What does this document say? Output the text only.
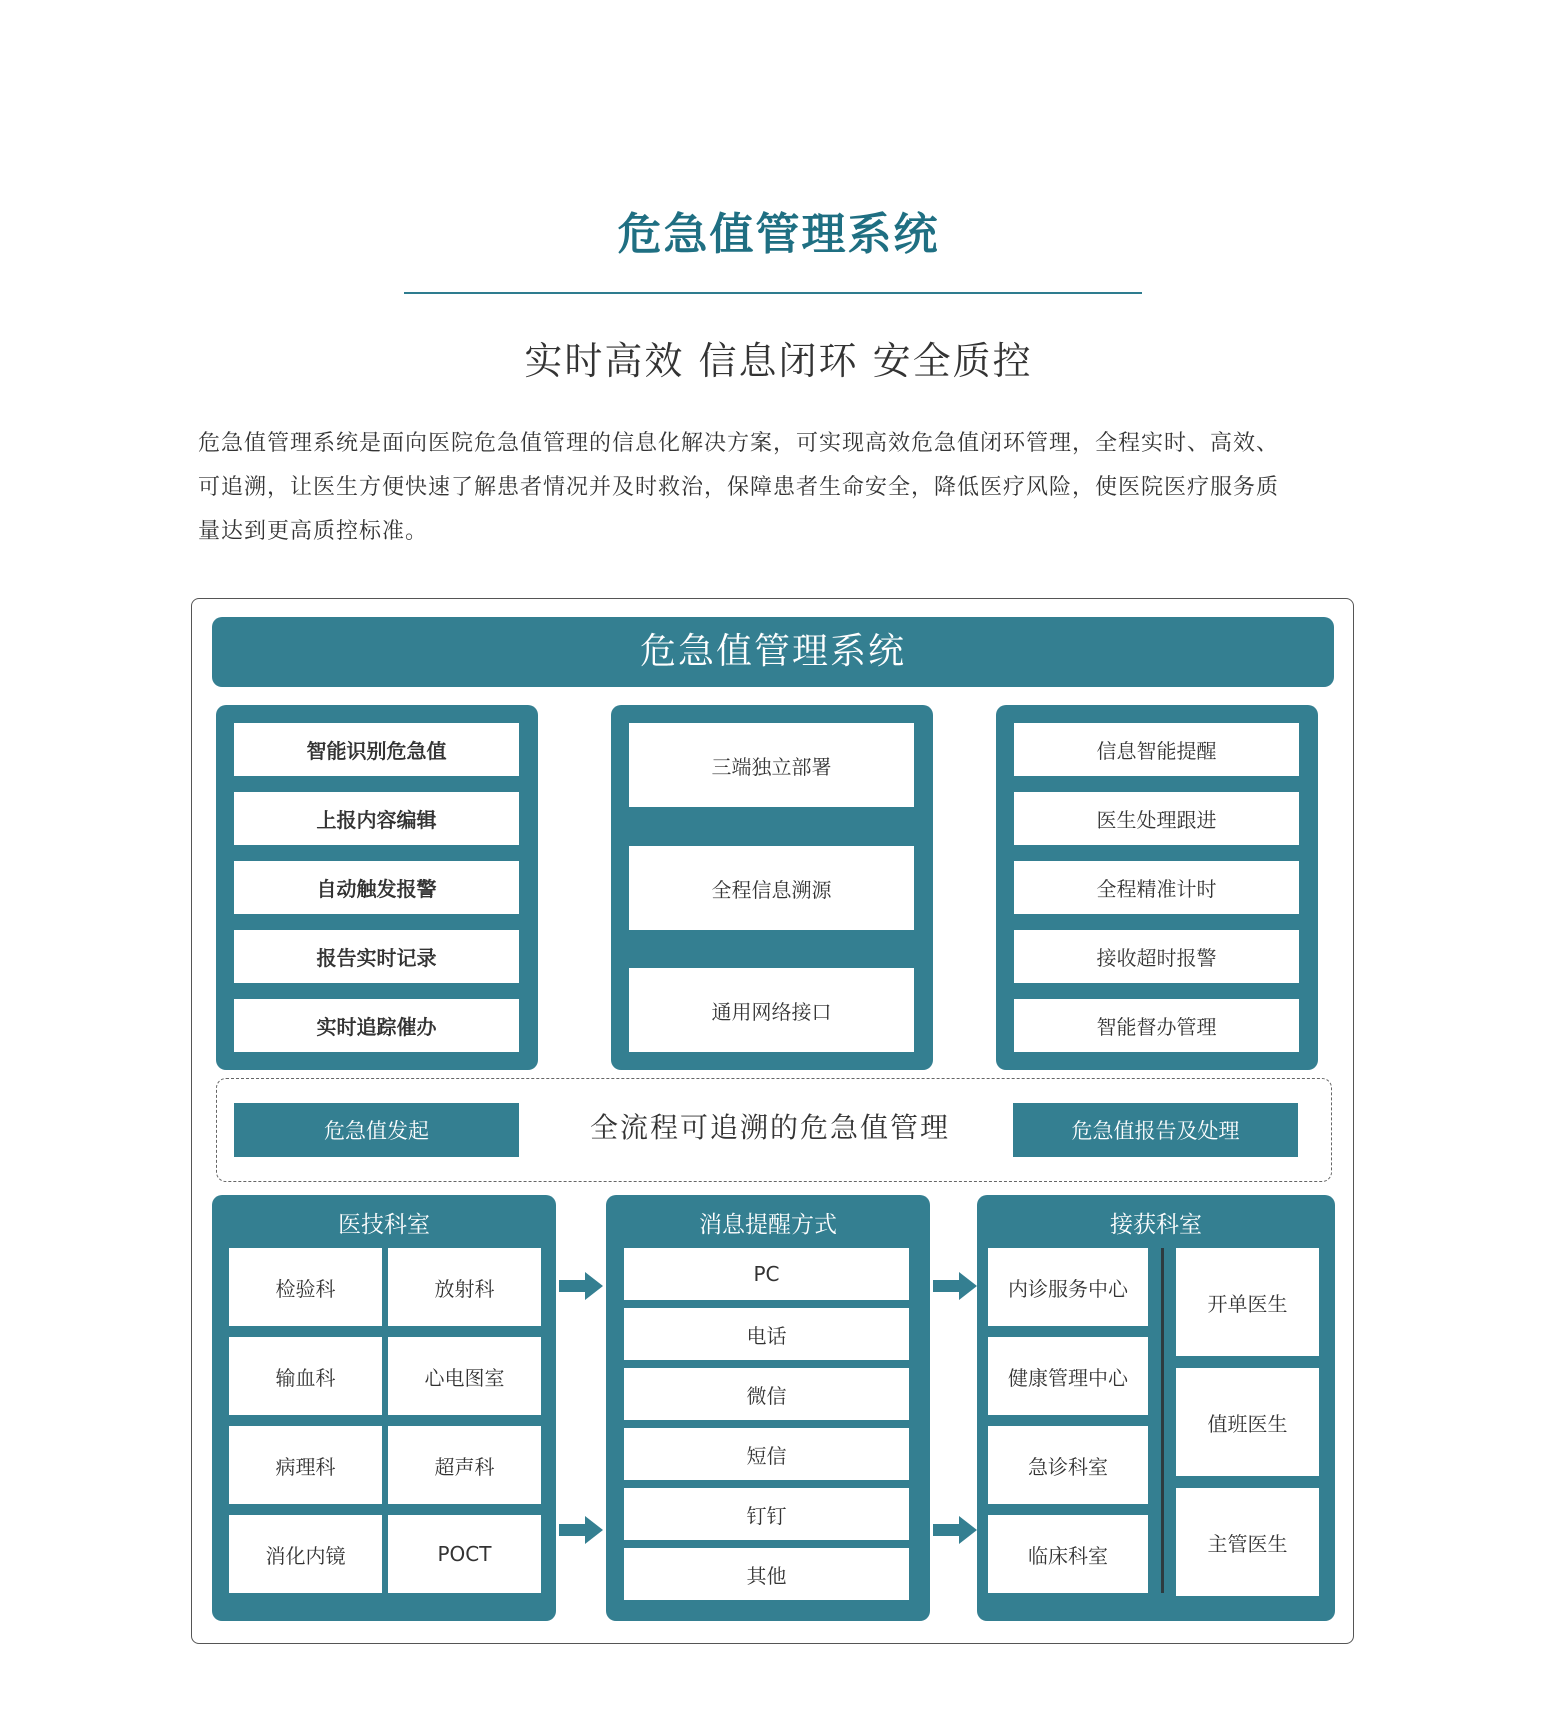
危急值管理系统
实时高效 信息闭环 安全质控
危急值管理系统是面向医院危急值管理的信息化解决方案，可实现高效危急值闭环管理，全程实时、高效、
可追溯，让医生方便快速了解患者情况并及时救治，保障患者生命安全，降低医疗风险，使医院医疗服务质
量达到更高质控标准。
危急值管理系统
智能识别危急值
上报内容编辑
自动触发报警
报告实时记录
实时追踪催办
三端独立部署
全程信息溯源
通用网络接口
信息智能提醒
医生处理跟进
全程精准计时
接收超时报警
智能督办管理
危急值发起	全流程可追溯的危急值管理	危急值报告及处理
医技科室
检验科	放射科
输血科	心电图室
病理科	超声科
消化内镜	POCT
消息提醒方式
PC
电话
微信
短信
钉钉
其他
接获科室
内诊服务中心
健康管理中心
急诊科室
临床科室
开单医生
值班医生
主管医生
